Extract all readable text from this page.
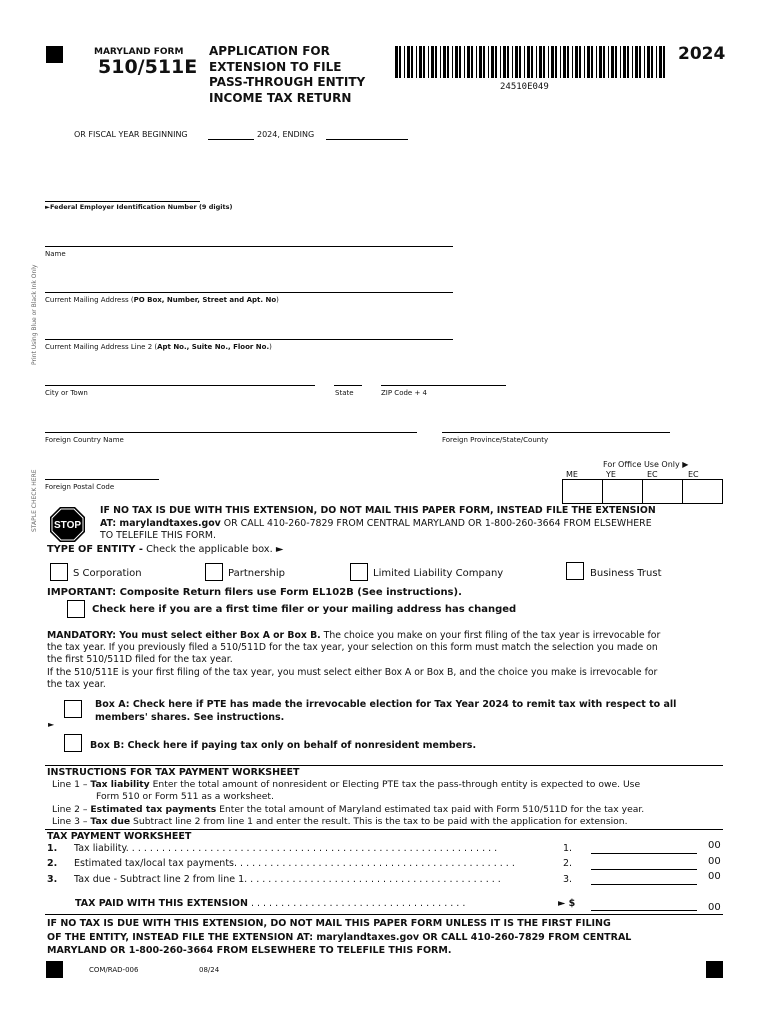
MARYLAND FORM
510/511E
APPLICATION FOR
EXTENSION TO FILE
PASS-THROUGH ENTITY
INCOME TAX RETURN
24510E049
2024
OR FISCAL YEAR BEGINNING	2024, ENDING
►Federal Employer Identification Number (9 digits)
Print Using Blue or Black Ink Only
STAPLE CHECK HERE
Name
Current Mailing Address (PO Box, Number, Street and Apt. No)
Current Mailing Address Line 2 (Apt No., Suite No., Floor No.)
City or Town	State	ZIP Code + 4
Foreign Country Name	Foreign Province/State/County
Foreign Postal Code
For Office Use Only ▶
ME	YE	EC	EC

STOP
IF NO TAX IS DUE WITH THIS EXTENSION, DO NOT MAIL THIS PAPER FORM, INSTEAD FILE THE EXTENSION
AT: marylandtaxes.gov OR CALL 410-260-7829 FROM CENTRAL MARYLAND OR 1-800-260-3664 FROM ELSEWHERE
TO TELEFILE THIS FORM.
TYPE OF ENTITY - Check the applicable box. ►
S Corporation	Partnership	Limited Liability Company	Business Trust
IMPORTANT: Composite Return filers use Form EL102B (See instructions).
Check here if you are a first time filer or your mailing address has changed
MANDATORY: You must select either Box A or Box B. The choice you make on your first filing of the tax year is irrevocable for
the tax year. If you previously filed a 510/511D for the tax year, your selection on this form must match the selection you made on
the first 510/511D filed for the tax year.
If the 510/511E is your first filing of the tax year, you must select either Box A or Box B, and the choice you make is irrevocable for
the tax year.
Box A: Check here if PTE has made the irrevocable election for Tax Year 2024 to remit tax with respect to all
members' shares. See instructions.
►
Box B: Check here if paying tax only on behalf of nonresident members.
INSTRUCTIONS FOR TAX PAYMENT WORKSHEET
Line 1 – Tax liability Enter the total amount of nonresident or Electing PTE tax the pass-through entity is expected to owe. Use
Form 510 or Form 511 as a worksheet.
Line 2 – Estimated tax payments Enter the total amount of Maryland estimated tax paid with Form 510/511D for the tax year.
Line 3 – Tax due Subtract line 2 from line 1 and enter the result. This is the tax to be paid with the application for extension.
TAX PAYMENT WORKSHEET
1. Tax liability. . . . . . . . . . . . . . . . . . . . . . . . . . . . . . . . . . . . . . . . . . . . . . . . . . . . . . . . . . . . . .	1.	00
2. Estimated tax/local tax payments. . . . . . . . . . . . . . . . . . . . . . . . . . . . . . . . . . . . . . . . . . . . . . .	2.	00
3. Tax due - Subtract line 2 from line 1. . . . . . . . . . . . . . . . . . . . . . . . . . . . . . . . . . . . . . . . . . .	3.	00
TAX PAID WITH THIS EXTENSION . . . . . . . . . . . . . . . . . . . . . . . . . . . . . . . . . . . .	► $	00
IF NO TAX IS DUE WITH THIS EXTENSION, DO NOT MAIL THIS PAPER FORM UNLESS IT IS THE FIRST FILING
OF THE ENTITY, INSTEAD FILE THE EXTENSION AT: marylandtaxes.gov OR CALL 410-260-7829 FROM CENTRAL
MARYLAND OR 1-800-260-3664 FROM ELSEWHERE TO TELEFILE THIS FORM.
COM/RAD-006	08/24
